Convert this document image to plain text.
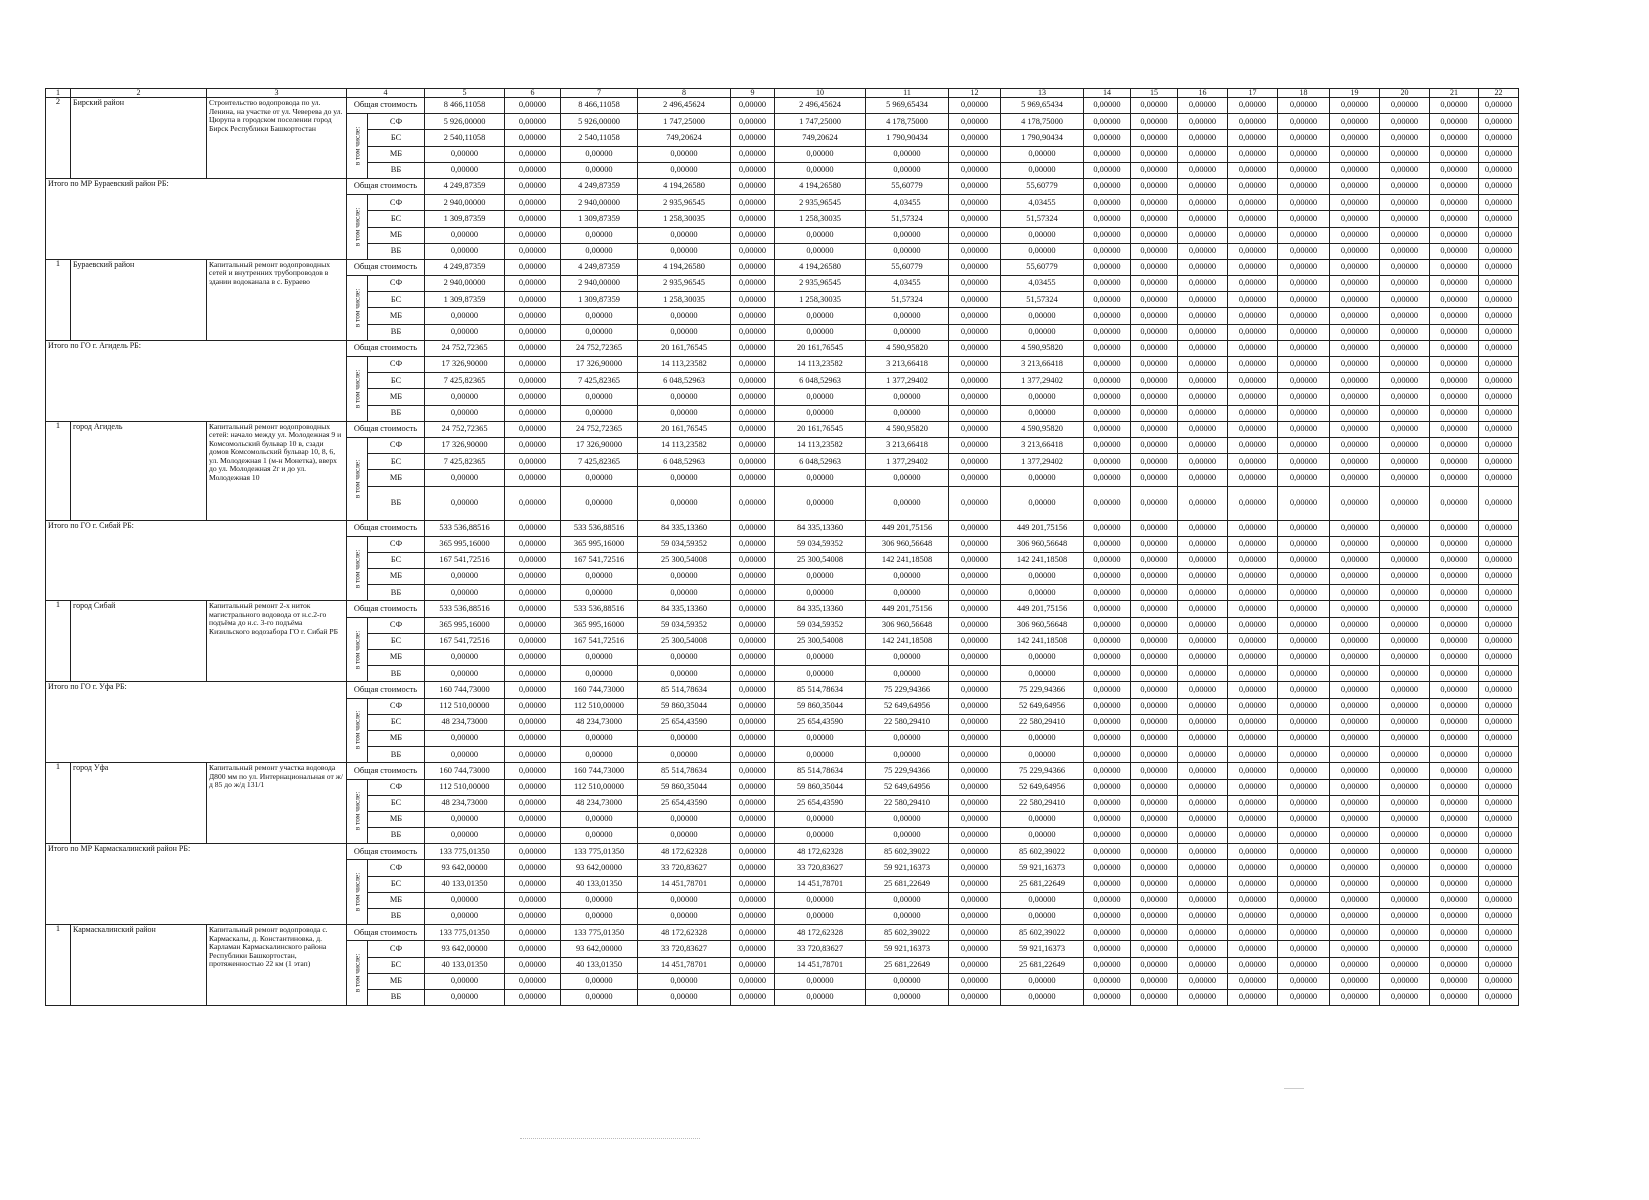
1	2	3	4		5	6	7	8	9	10	11	12	13	14	15	16	17	18	19	20	21	22
2	Бирский район	Строительство водопровода по ул. Ленина, на участке от ул. Чеверева до ул. Цюрупа в городском поселении город Бирск Республики Башкортостан	Общая стоимость		8 466,11058	0,00000	8 466,11058	2 496,45624	0,00000	2 496,45624	5 969,65434	0,00000	5 969,65434	0,00000	0,00000	0,00000	0,00000	0,00000	0,00000	0,00000	0,00000	0,00000

			в том числе:	СФ	5 926,00000	0,00000	5 926,00000	1 747,25000	0,00000	1 747,25000	4 178,75000	0,00000	4 178,75000	0,00000	0,00000	0,00000	0,00000	0,00000	0,00000	0,00000	0,00000	0,00000
				БС	2 540,11058	0,00000	2 540,11058	749,20624	0,00000	749,20624	1 790,90434	0,00000	1 790,90434	0,00000	0,00000	0,00000	0,00000	0,00000	0,00000	0,00000	0,00000	0,00000
				МБ	0,00000	0,00000	0,00000	0,00000	0,00000	0,00000	0,00000	0,00000	0,00000	0,00000	0,00000	0,00000	0,00000	0,00000	0,00000	0,00000	0,00000	0,00000
				ВБ	0,00000	0,00000	0,00000	0,00000	0,00000	0,00000	0,00000	0,00000	0,00000	0,00000	0,00000	0,00000	0,00000	0,00000	0,00000	0,00000	0,00000	0,00000
Итого по МР Бураевский район РБ:			Общая стоимость		4 249,87359	0,00000	4 249,87359	4 194,26580	0,00000	4 194,26580	55,60779	0,00000	55,60779	0,00000	0,00000	0,00000	0,00000	0,00000	0,00000	0,00000	0,00000	0,00000

			в том числе:	СФ	2 940,00000	0,00000	2 940,00000	2 935,96545	0,00000	2 935,96545	4,03455	0,00000	4,03455	0,00000	0,00000	0,00000	0,00000	0,00000	0,00000	0,00000	0,00000	0,00000
				БС	1 309,87359	0,00000	1 309,87359	1 258,30035	0,00000	1 258,30035	51,57324	0,00000	51,57324	0,00000	0,00000	0,00000	0,00000	0,00000	0,00000	0,00000	0,00000	0,00000
				МБ	0,00000	0,00000	0,00000	0,00000	0,00000	0,00000	0,00000	0,00000	0,00000	0,00000	0,00000	0,00000	0,00000	0,00000	0,00000	0,00000	0,00000	0,00000
				ВБ	0,00000	0,00000	0,00000	0,00000	0,00000	0,00000	0,00000	0,00000	0,00000	0,00000	0,00000	0,00000	0,00000	0,00000	0,00000	0,00000	0,00000	0,00000
1	Бураевский район	Капитальный ремонт водопроводных сетей и внутренних трубопроводов в здании водоканала в с. Бураево	Общая стоимость		4 249,87359	0,00000	4 249,87359	4 194,26580	0,00000	4 194,26580	55,60779	0,00000	55,60779	0,00000	0,00000	0,00000	0,00000	0,00000	0,00000	0,00000	0,00000	0,00000

			в том числе:	СФ	2 940,00000	0,00000	2 940,00000	2 935,96545	0,00000	2 935,96545	4,03455	0,00000	4,03455	0,00000	0,00000	0,00000	0,00000	0,00000	0,00000	0,00000	0,00000	0,00000
				БС	1 309,87359	0,00000	1 309,87359	1 258,30035	0,00000	1 258,30035	51,57324	0,00000	51,57324	0,00000	0,00000	0,00000	0,00000	0,00000	0,00000	0,00000	0,00000	0,00000
				МБ	0,00000	0,00000	0,00000	0,00000	0,00000	0,00000	0,00000	0,00000	0,00000	0,00000	0,00000	0,00000	0,00000	0,00000	0,00000	0,00000	0,00000	0,00000
				ВБ	0,00000	0,00000	0,00000	0,00000	0,00000	0,00000	0,00000	0,00000	0,00000	0,00000	0,00000	0,00000	0,00000	0,00000	0,00000	0,00000	0,00000	0,00000
Итого по ГО г. Агидель РБ:			Общая стоимость		24 752,72365	0,00000	24 752,72365	20 161,76545	0,00000	20 161,76545	4 590,95820	0,00000	4 590,95820	0,00000	0,00000	0,00000	0,00000	0,00000	0,00000	0,00000	0,00000	0,00000

			в том числе:	СФ	17 326,90000	0,00000	17 326,90000	14 113,23582	0,00000	14 113,23582	3 213,66418	0,00000	3 213,66418	0,00000	0,00000	0,00000	0,00000	0,00000	0,00000	0,00000	0,00000	0,00000
				БС	7 425,82365	0,00000	7 425,82365	6 048,52963	0,00000	6 048,52963	1 377,29402	0,00000	1 377,29402	0,00000	0,00000	0,00000	0,00000	0,00000	0,00000	0,00000	0,00000	0,00000
				МБ	0,00000	0,00000	0,00000	0,00000	0,00000	0,00000	0,00000	0,00000	0,00000	0,00000	0,00000	0,00000	0,00000	0,00000	0,00000	0,00000	0,00000	0,00000
				ВБ	0,00000	0,00000	0,00000	0,00000	0,00000	0,00000	0,00000	0,00000	0,00000	0,00000	0,00000	0,00000	0,00000	0,00000	0,00000	0,00000	0,00000	0,00000
1	город Агидель	Капитальный ремонт водопроводных сетей: начало между ул. Молодежная 9 и Комсомольский бульвар 10 в, сзади домов Комсомольский бульвар 10, 8, 6, ул. Молодежная 1 (м-н Монетка), вверх до ул. Молодежная 2г и до ул. Молодежная 10	Общая стоимость		24 752,72365	0,00000	24 752,72365	20 161,76545	0,00000	20 161,76545	4 590,95820	0,00000	4 590,95820	0,00000	0,00000	0,00000	0,00000	0,00000	0,00000	0,00000	0,00000	0,00000

			в том числе:	СФ	17 326,90000	0,00000	17 326,90000	14 113,23582	0,00000	14 113,23582	3 213,66418	0,00000	3 213,66418	0,00000	0,00000	0,00000	0,00000	0,00000	0,00000	0,00000	0,00000	0,00000
				БС	7 425,82365	0,00000	7 425,82365	6 048,52963	0,00000	6 048,52963	1 377,29402	0,00000	1 377,29402	0,00000	0,00000	0,00000	0,00000	0,00000	0,00000	0,00000	0,00000	0,00000
				МБ	0,00000	0,00000	0,00000	0,00000	0,00000	0,00000	0,00000	0,00000	0,00000	0,00000	0,00000	0,00000	0,00000	0,00000	0,00000	0,00000	0,00000	0,00000
				ВБ	0,00000	0,00000	0,00000	0,00000	0,00000	0,00000	0,00000	0,00000	0,00000	0,00000	0,00000	0,00000	0,00000	0,00000	0,00000	0,00000	0,00000	0,00000
Итого по ГО г. Сибай РБ:			Общая стоимость		533 536,88516	0,00000	533 536,88516	84 335,13360	0,00000	84 335,13360	449 201,75156	0,00000	449 201,75156	0,00000	0,00000	0,00000	0,00000	0,00000	0,00000	0,00000	0,00000	0,00000

			в том числе:	СФ	365 995,16000	0,00000	365 995,16000	59 034,59352	0,00000	59 034,59352	306 960,56648	0,00000	306 960,56648	0,00000	0,00000	0,00000	0,00000	0,00000	0,00000	0,00000	0,00000	0,00000
				БС	167 541,72516	0,00000	167 541,72516	25 300,54008	0,00000	25 300,54008	142 241,18508	0,00000	142 241,18508	0,00000	0,00000	0,00000	0,00000	0,00000	0,00000	0,00000	0,00000	0,00000
				МБ	0,00000	0,00000	0,00000	0,00000	0,00000	0,00000	0,00000	0,00000	0,00000	0,00000	0,00000	0,00000	0,00000	0,00000	0,00000	0,00000	0,00000	0,00000
				ВБ	0,00000	0,00000	0,00000	0,00000	0,00000	0,00000	0,00000	0,00000	0,00000	0,00000	0,00000	0,00000	0,00000	0,00000	0,00000	0,00000	0,00000	0,00000
1	город Сибай	Капитальный ремонт 2-х ниток магистрального водовода от н.с.2-го подъёма до н.с. 3-го подъёма Кизильского водозабора ГО г. Сибай РБ	Общая стоимость		533 536,88516	0,00000	533 536,88516	84 335,13360	0,00000	84 335,13360	449 201,75156	0,00000	449 201,75156	0,00000	0,00000	0,00000	0,00000	0,00000	0,00000	0,00000	0,00000	0,00000

			в том числе:	СФ	365 995,16000	0,00000	365 995,16000	59 034,59352	0,00000	59 034,59352	306 960,56648	0,00000	306 960,56648	0,00000	0,00000	0,00000	0,00000	0,00000	0,00000	0,00000	0,00000	0,00000
				БС	167 541,72516	0,00000	167 541,72516	25 300,54008	0,00000	25 300,54008	142 241,18508	0,00000	142 241,18508	0,00000	0,00000	0,00000	0,00000	0,00000	0,00000	0,00000	0,00000	0,00000
				МБ	0,00000	0,00000	0,00000	0,00000	0,00000	0,00000	0,00000	0,00000	0,00000	0,00000	0,00000	0,00000	0,00000	0,00000	0,00000	0,00000	0,00000	0,00000
				ВБ	0,00000	0,00000	0,00000	0,00000	0,00000	0,00000	0,00000	0,00000	0,00000	0,00000	0,00000	0,00000	0,00000	0,00000	0,00000	0,00000	0,00000	0,00000
Итого по ГО г. Уфа РБ:			Общая стоимость		160 744,73000	0,00000	160 744,73000	85 514,78634	0,00000	85 514,78634	75 229,94366	0,00000	75 229,94366	0,00000	0,00000	0,00000	0,00000	0,00000	0,00000	0,00000	0,00000	0,00000

			в том числе:	СФ	112 510,00000	0,00000	112 510,00000	59 860,35044	0,00000	59 860,35044	52 649,64956	0,00000	52 649,64956	0,00000	0,00000	0,00000	0,00000	0,00000	0,00000	0,00000	0,00000	0,00000
				БС	48 234,73000	0,00000	48 234,73000	25 654,43590	0,00000	25 654,43590	22 580,29410	0,00000	22 580,29410	0,00000	0,00000	0,00000	0,00000	0,00000	0,00000	0,00000	0,00000	0,00000
				МБ	0,00000	0,00000	0,00000	0,00000	0,00000	0,00000	0,00000	0,00000	0,00000	0,00000	0,00000	0,00000	0,00000	0,00000	0,00000	0,00000	0,00000	0,00000
				ВБ	0,00000	0,00000	0,00000	0,00000	0,00000	0,00000	0,00000	0,00000	0,00000	0,00000	0,00000	0,00000	0,00000	0,00000	0,00000	0,00000	0,00000	0,00000
1	город Уфа	Капитальный ремонт участка водовода Д800 мм по ул. Интернациональная от ж/д 85 до ж/д 131/1	Общая стоимость		160 744,73000	0,00000	160 744,73000	85 514,78634	0,00000	85 514,78634	75 229,94366	0,00000	75 229,94366	0,00000	0,00000	0,00000	0,00000	0,00000	0,00000	0,00000	0,00000	0,00000

			в том числе:	СФ	112 510,00000	0,00000	112 510,00000	59 860,35044	0,00000	59 860,35044	52 649,64956	0,00000	52 649,64956	0,00000	0,00000	0,00000	0,00000	0,00000	0,00000	0,00000	0,00000	0,00000
				БС	48 234,73000	0,00000	48 234,73000	25 654,43590	0,00000	25 654,43590	22 580,29410	0,00000	22 580,29410	0,00000	0,00000	0,00000	0,00000	0,00000	0,00000	0,00000	0,00000	0,00000
				МБ	0,00000	0,00000	0,00000	0,00000	0,00000	0,00000	0,00000	0,00000	0,00000	0,00000	0,00000	0,00000	0,00000	0,00000	0,00000	0,00000	0,00000	0,00000
				ВБ	0,00000	0,00000	0,00000	0,00000	0,00000	0,00000	0,00000	0,00000	0,00000	0,00000	0,00000	0,00000	0,00000	0,00000	0,00000	0,00000	0,00000	0,00000
Итого по МР Кармаскалинский район РБ:			Общая стоимость		133 775,01350	0,00000	133 775,01350	48 172,62328	0,00000	48 172,62328	85 602,39022	0,00000	85 602,39022	0,00000	0,00000	0,00000	0,00000	0,00000	0,00000	0,00000	0,00000	0,00000

			в том числе:	СФ	93 642,00000	0,00000	93 642,00000	33 720,83627	0,00000	33 720,83627	59 921,16373	0,00000	59 921,16373	0,00000	0,00000	0,00000	0,00000	0,00000	0,00000	0,00000	0,00000	0,00000
				БС	40 133,01350	0,00000	40 133,01350	14 451,78701	0,00000	14 451,78701	25 681,22649	0,00000	25 681,22649	0,00000	0,00000	0,00000	0,00000	0,00000	0,00000	0,00000	0,00000	0,00000
				МБ	0,00000	0,00000	0,00000	0,00000	0,00000	0,00000	0,00000	0,00000	0,00000	0,00000	0,00000	0,00000	0,00000	0,00000	0,00000	0,00000	0,00000	0,00000
				ВБ	0,00000	0,00000	0,00000	0,00000	0,00000	0,00000	0,00000	0,00000	0,00000	0,00000	0,00000	0,00000	0,00000	0,00000	0,00000	0,00000	0,00000	0,00000
1	Кармаскалинский район	Капитальный ремонт водопровода с. Кармаскалы, д. Константиновка, д. Карламан Кармаскалинского района Республики Башкортостан, протяженностью 22 км (1 этап)	Общая стоимость		133 775,01350	0,00000	133 775,01350	48 172,62328	0,00000	48 172,62328	85 602,39022	0,00000	85 602,39022	0,00000	0,00000	0,00000	0,00000	0,00000	0,00000	0,00000	0,00000	0,00000

			в том числе:	СФ	93 642,00000	0,00000	93 642,00000	33 720,83627	0,00000	33 720,83627	59 921,16373	0,00000	59 921,16373	0,00000	0,00000	0,00000	0,00000	0,00000	0,00000	0,00000	0,00000	0,00000
				БС	40 133,01350	0,00000	40 133,01350	14 451,78701	0,00000	14 451,78701	25 681,22649	0,00000	25 681,22649	0,00000	0,00000	0,00000	0,00000	0,00000	0,00000	0,00000	0,00000	0,00000
				МБ	0,00000	0,00000	0,00000	0,00000	0,00000	0,00000	0,00000	0,00000	0,00000	0,00000	0,00000	0,00000	0,00000	0,00000	0,00000	0,00000	0,00000	0,00000
				ВБ	0,00000	0,00000	0,00000	0,00000	0,00000	0,00000	0,00000	0,00000	0,00000	0,00000	0,00000	0,00000	0,00000	0,00000	0,00000	0,00000	0,00000	0,00000
